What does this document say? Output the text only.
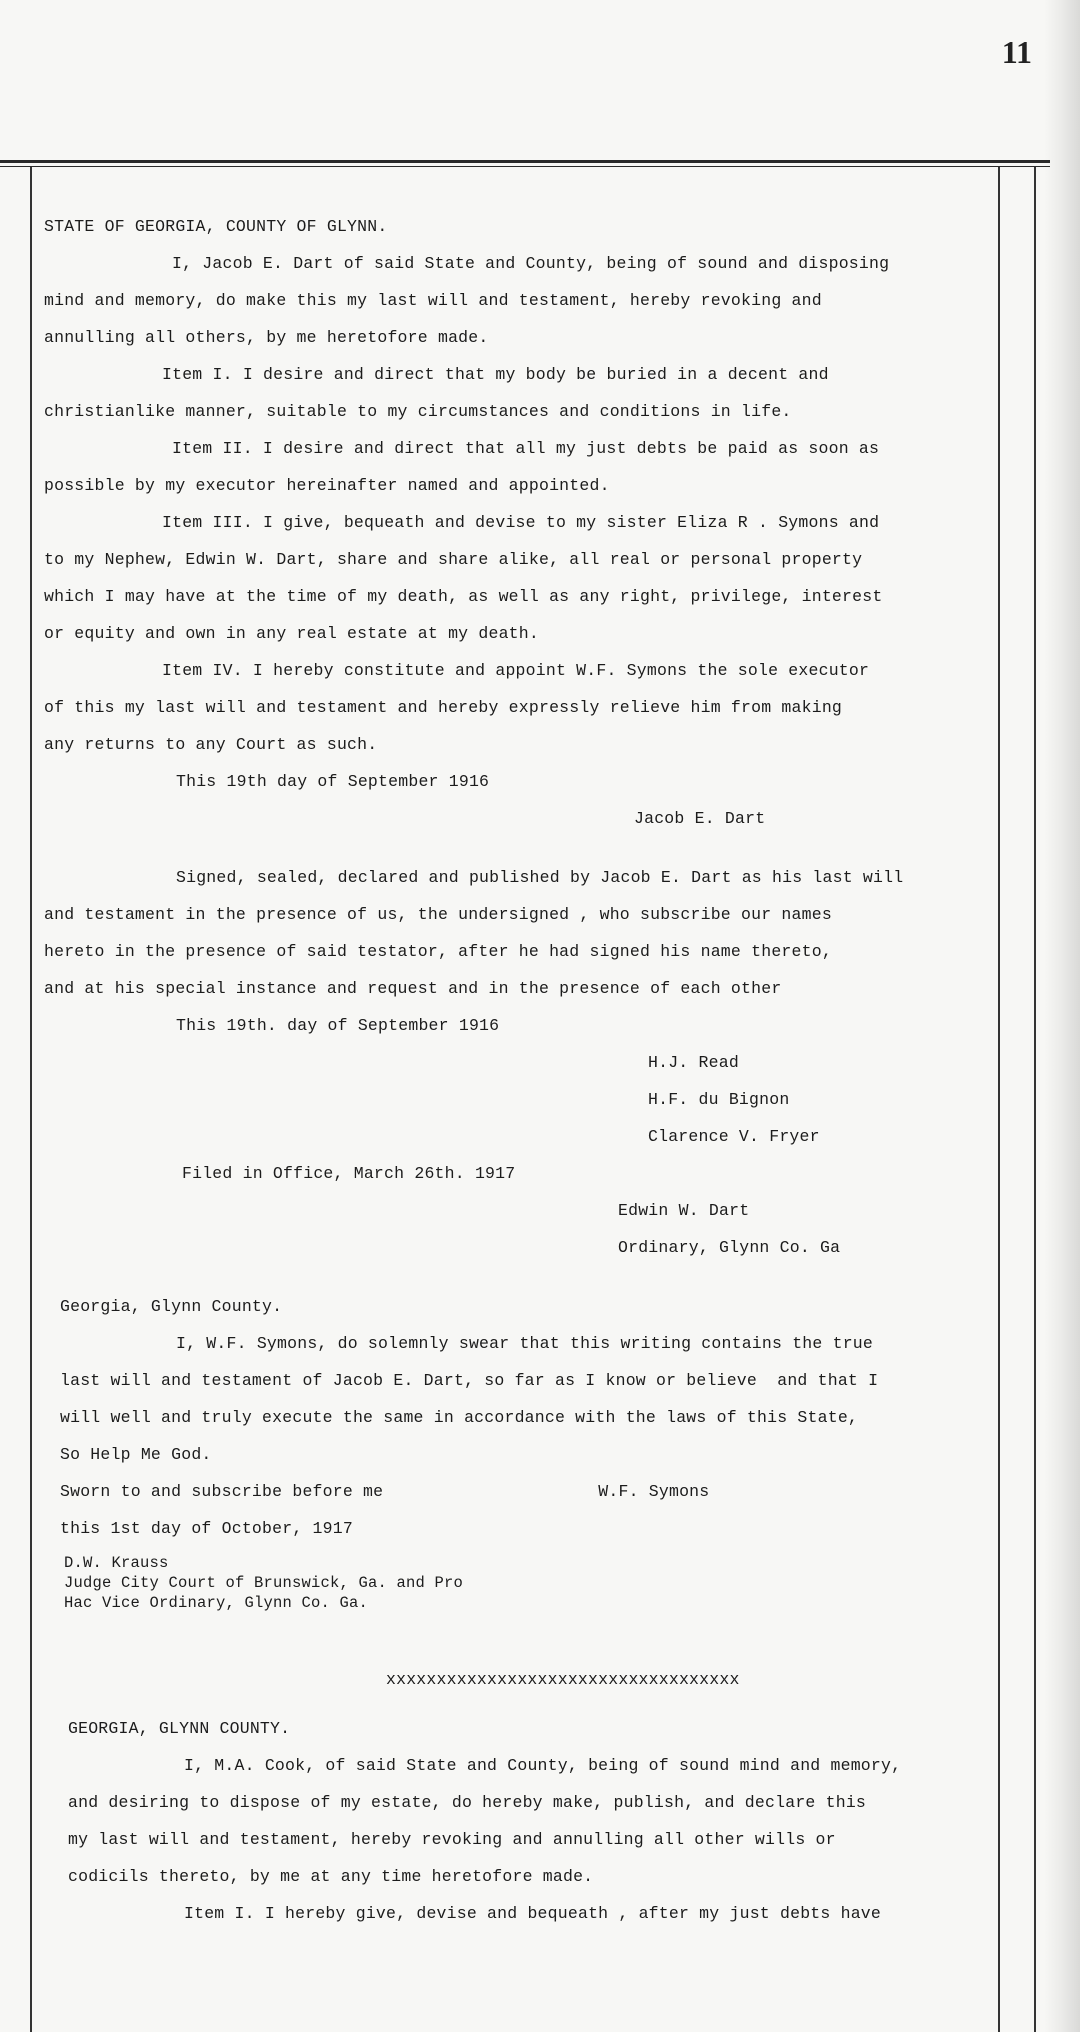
11
STATE OF GEORGIA, COUNTY OF GLYNN.
I, Jacob E. Dart of said State and County, being of sound and disposing
mind and memory, do make this my last will and testament, hereby revoking and
annulling all others, by me heretofore made.
Item I. I desire and direct that my body be buried in a decent and
christianlike manner, suitable to my circumstances and conditions in life.
Item II. I desire and direct that all my just debts be paid as soon as
possible by my executor hereinafter named and appointed.
Item III. I give, bequeath and devise to my sister Eliza R . Symons and
to my Nephew, Edwin W. Dart, share and share alike, all real or personal property
which I may have at the time of my death, as well as any right, privilege, interest
or equity and own in any real estate at my death.
Item IV. I hereby constitute and appoint W.F. Symons the sole executor
of this my last will and testament and hereby expressly relieve him from making
any returns to any Court as such.
This 19th day of September 1916
Jacob E. Dart
Signed, sealed, declared and published by Jacob E. Dart as his last will
and testament in the presence of us, the undersigned , who subscribe our names
hereto in the presence of said testator, after he had signed his name thereto,
and at his special instance and request and in the presence of each other
This 19th. day of September 1916
H.J. Read
H.F. du Bignon
Clarence V. Fryer
Filed in Office, March 26th. 1917
Edwin W. Dart
Ordinary, Glynn Co. Ga
Georgia, Glynn County.
I, W.F. Symons, do solemnly swear that this writing contains the true
last will and testament of Jacob E. Dart, so far as I know or believe  and that I
will well and truly execute the same in accordance with the laws of this State,
So Help Me God.
Sworn to and subscribe before me	W.F. Symons
this 1st day of October, 1917
D.W. Krauss
Judge City Court of Brunswick, Ga. and Pro
Hac Vice Ordinary, Glynn Co. Ga.
xxxxxxxxxxxxxxxxxxxxxxxxxxxxxxxxxxx
GEORGIA, GLYNN COUNTY.
I, M.A. Cook, of said State and County, being of sound mind and memory,
and desiring to dispose of my estate, do hereby make, publish, and declare this
my last will and testament, hereby revoking and annulling all other wills or
codicils thereto, by me at any time heretofore made.
Item I. I hereby give, devise and bequeath , after my just debts have
